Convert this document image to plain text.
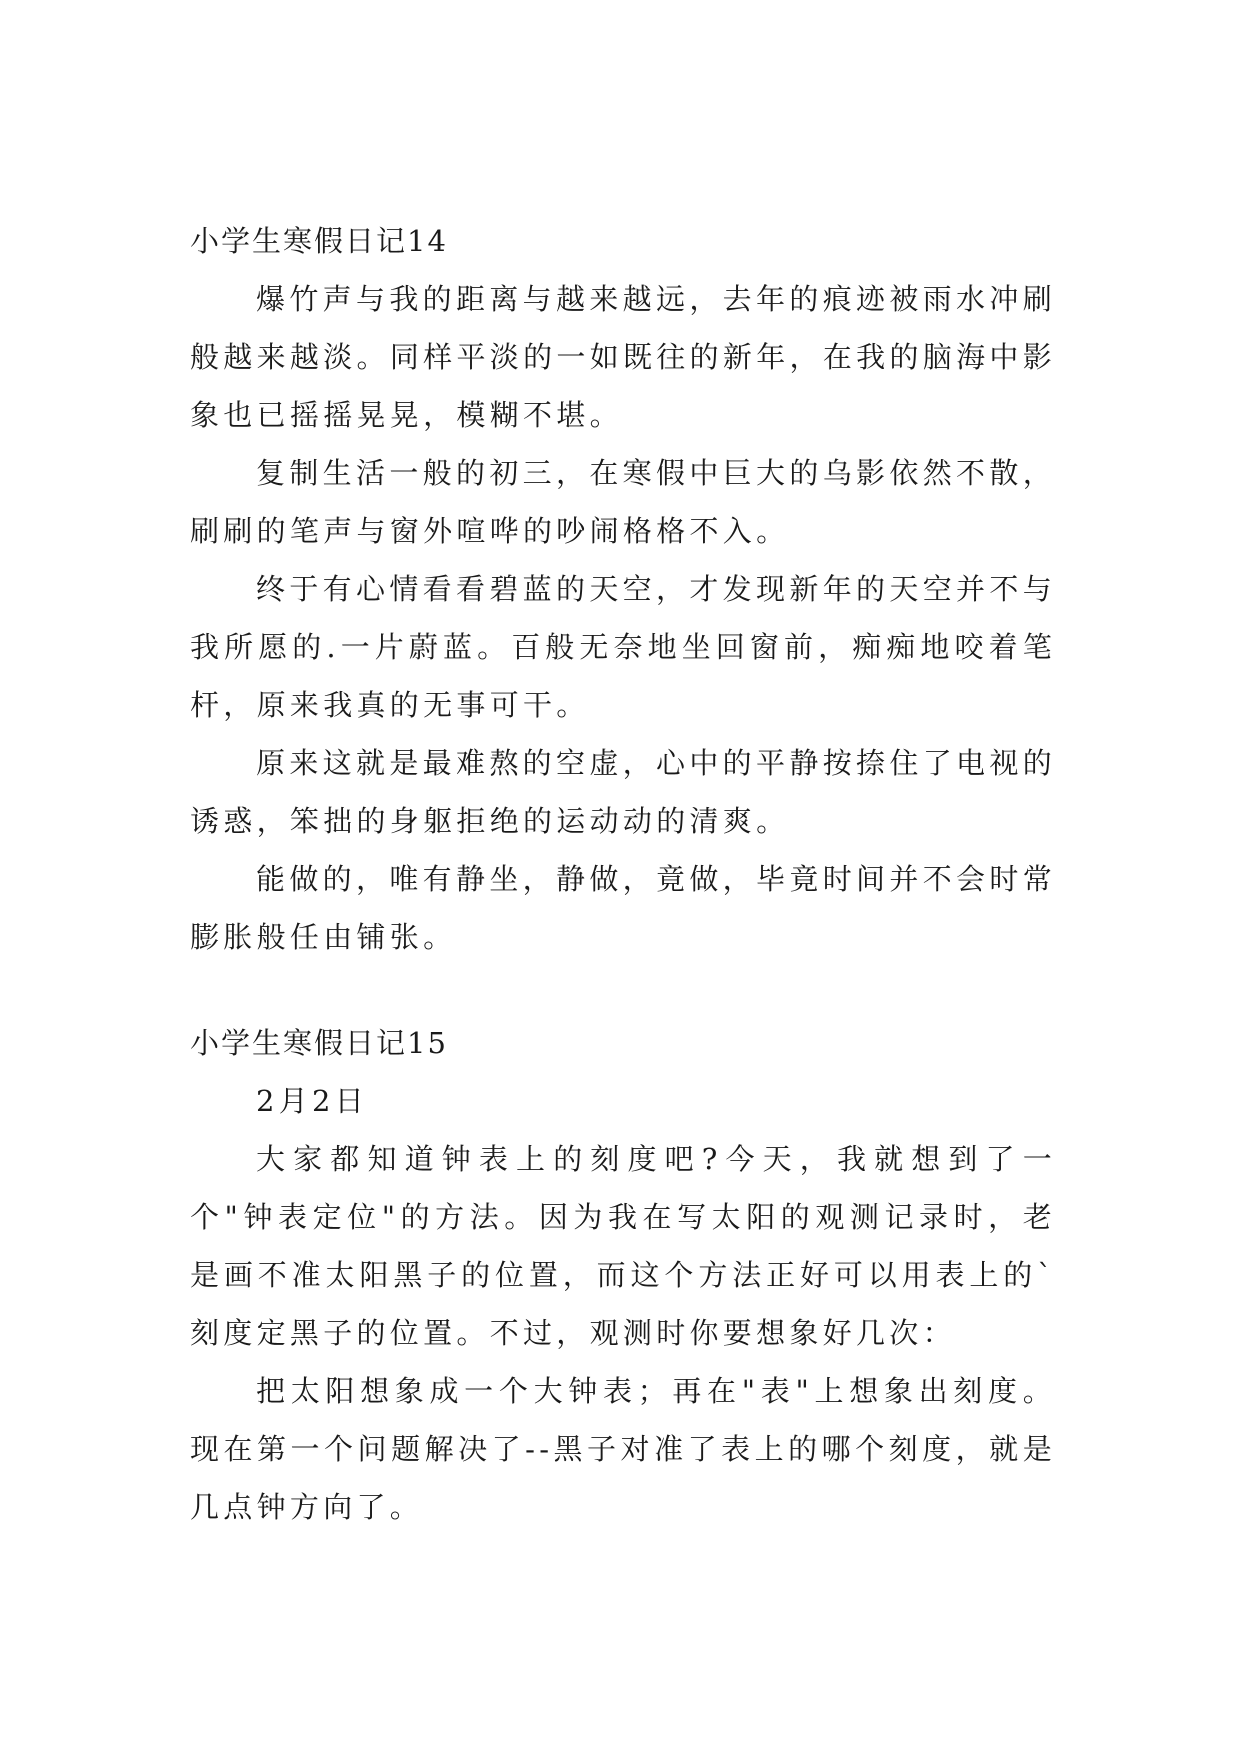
小学生寒假日记14

爆竹声与我的距离与越来越远，去年的痕迹被雨水冲刷般越来越淡。同样平淡的一如既往的新年，在我的脑海中影象也已摇摇晃晃，模糊不堪。

复制生活一般的初三，在寒假中巨大的乌影依然不散，刷刷的笔声与窗外喧哗的吵闹格格不入。

终于有心情看看碧蓝的天空，才发现新年的天空并不与我所愿的.一片蔚蓝。百般无奈地坐回窗前，痴痴地咬着笔杆，原来我真的无事可干。

原来这就是最难熬的空虚，心中的平静按捺住了电视的诱惑，笨拙的身躯拒绝的运动动的清爽。

能做的，唯有静坐，静做，竟做，毕竟时间并不会时常膨胀般任由铺张。

小学生寒假日记15

2月2日

大家都知道钟表上的刻度吧?今天，我就想到了一个"钟表定位"的方法。因为我在写太阳的观测记录时，老是画不准太阳黑子的位置，而这个方法正好可以用表上的`刻度定黑子的位置。不过，观测时你要想象好几次：

把太阳想象成一个大钟表；再在"表"上想象出刻度。现在第一个问题解决了--黑子对准了表上的哪个刻度，就是几点钟方向了。
